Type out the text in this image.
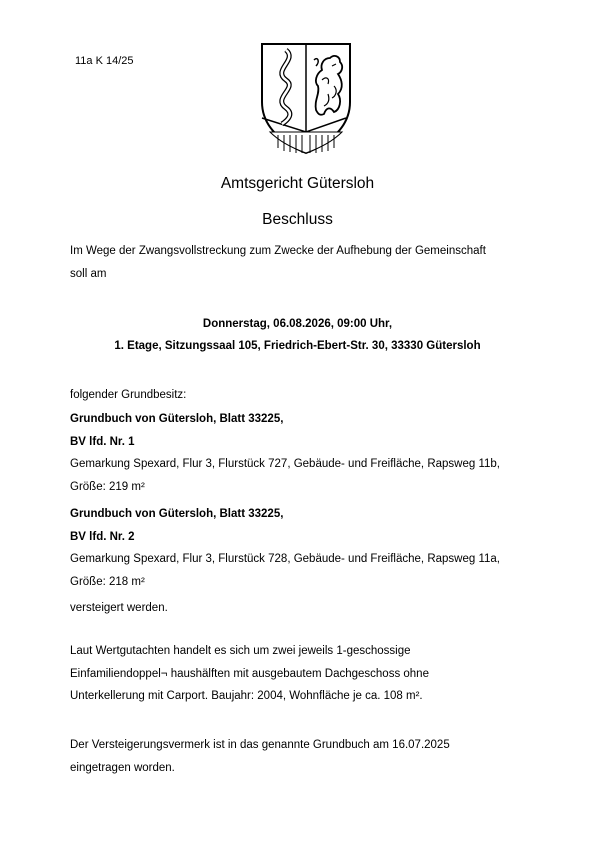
11a K 14/25
Amtsgericht Gütersloh
Beschluss
Im Wege der Zwangsvollstreckung zum Zwecke der Aufhebung der Gemeinschaft
soll am
Donnerstag, 06.08.2026, 09:00 Uhr,
1. Etage, Sitzungssaal 105, Friedrich-Ebert-Str. 30, 33330 Gütersloh
folgender Grundbesitz:
Grundbuch von Gütersloh, Blatt 33225,
BV lfd. Nr. 1
Gemarkung Spexard, Flur 3, Flurstück 727, Gebäude- und Freifläche, Rapsweg 11b,
Größe: 219 m²
Grundbuch von Gütersloh, Blatt 33225,
BV lfd. Nr. 2
Gemarkung Spexard, Flur 3, Flurstück 728, Gebäude- und Freifläche, Rapsweg 11a,
Größe: 218 m²
versteigert werden.
Laut Wertgutachten handelt es sich um zwei jeweils 1-geschossige
Einfamiliendoppel¬ haushälften mit ausgebautem Dachgeschoss ohne
Unterkellerung mit Carport. Baujahr: 2004, Wohnfläche je ca. 108 m².
Der Versteigerungsvermerk ist in das genannte Grundbuch am 16.07.2025
eingetragen worden.
